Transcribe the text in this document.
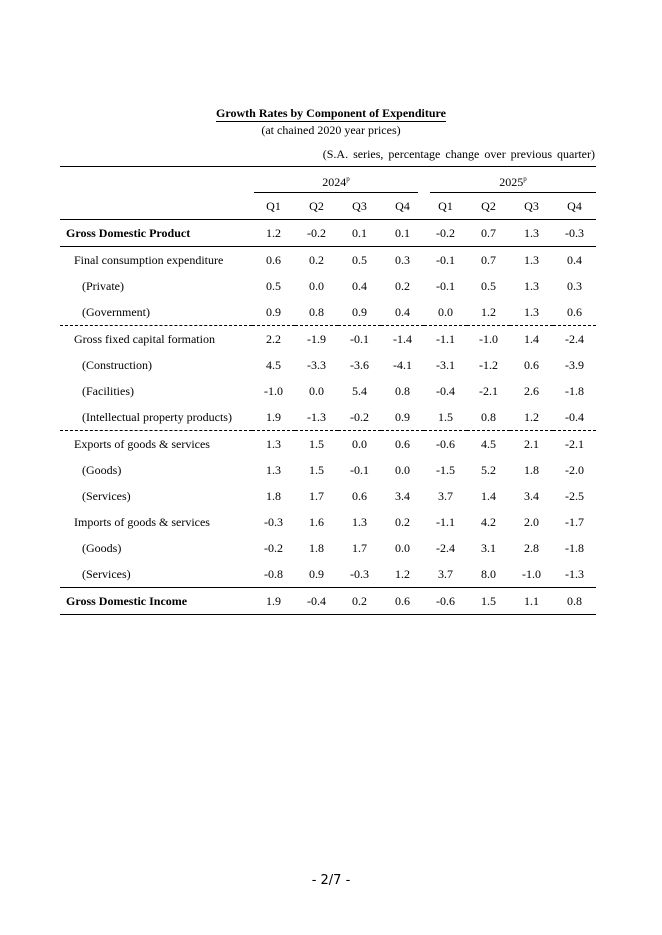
Growth Rates by Component of Expenditure
(at chained 2020 year prices)
(S.A. series, percentage change over previous quarter)

	2024$^p$				2025$^p$

	Q1	Q2	Q3	Q4	Q1	Q2	Q3	Q4
Gross Domestic Product	1.2	-0.2	0.1	0.1	-0.2	0.7	1.3	-0.3
Final consumption expenditure	0.6	0.2	0.5	0.3	-0.1	0.7	1.3	0.4
(Private)	0.5	0.0	0.4	0.2	-0.1	0.5	1.3	0.3
(Government)	0.9	0.8	0.9	0.4	0.0	1.2	1.3	0.6
Gross fixed capital formation	2.2	-1.9	-0.1	-1.4	-1.1	-1.0	1.4	-2.4
(Construction)	4.5	-3.3	-3.6	-4.1	-3.1	-1.2	0.6	-3.9
(Facilities)	-1.0	0.0	5.4	0.8	-0.4	-2.1	2.6	-1.8
(Intellectual property products)	1.9	-1.3	-0.2	0.9	1.5	0.8	1.2	-0.4
Exports of goods & services	1.3	1.5	0.0	0.6	-0.6	4.5	2.1	-2.1
(Goods)	1.3	1.5	-0.1	0.0	-1.5	5.2	1.8	-2.0
(Services)	1.8	1.7	0.6	3.4	3.7	1.4	3.4	-2.5
Imports of goods & services	-0.3	1.6	1.3	0.2	-1.1	4.2	2.0	-1.7
(Goods)	-0.2	1.8	1.7	0.0	-2.4	3.1	2.8	-1.8
(Services)	-0.8	0.9	-0.3	1.2	3.7	8.0	-1.0	-1.3
Gross Domestic Income	1.9	-0.4	0.2	0.6	-0.6	1.5	1.1	0.8
- 2/7 -
